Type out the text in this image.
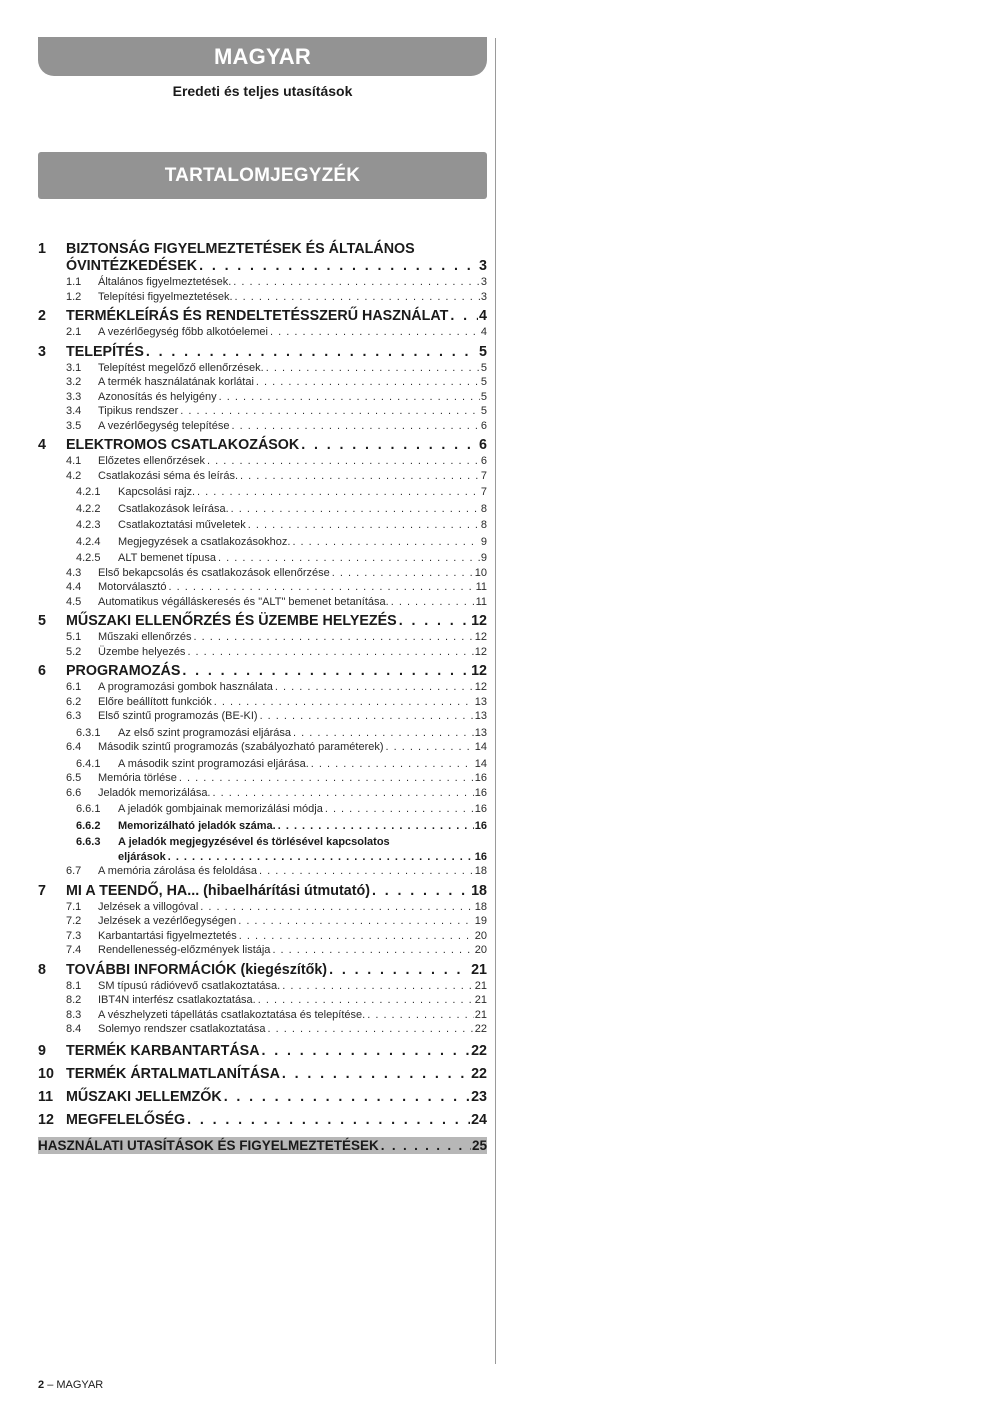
MAGYAR
Eredeti és teljes utasítások
TARTALOMJEGYZÉK
1	BIZTONSÁG FIGYELMEZTETÉSEK ÉS ÁLTALÁNOS
ÓVINTÉZKEDÉSEK . . .	3
1.1	Általános figyelmeztetések. . . .	3
1.2	Telepítési figyelmeztetések. . . .	3
2	TERMÉKLEÍRÁS ÉS RENDELTETÉSSZERŰ HASZNÁLAT . . . 4
2.1	A vezérlőegység főbb alkotóelemei . . .	4
3	TELEPÍTÉS . . .	5
3.1	Telepítést megelőző ellenőrzések. . . .	5
3.2	A termék használatának korlátai . . .	5
3.3	Azonosítás és helyigény . . .	5
3.4	Tipikus rendszer . . .	5
3.5	A vezérlőegység telepítése . . .	6
4	ELEKTROMOS CSATLAKOZÁSOK . . .	6
4.1	Előzetes ellenőrzések . . .	6
4.2	Csatlakozási séma és leírás. . . .	7
4.2.1	Kapcsolási rajz. . . .	7
4.2.2	Csatlakozások leírása. . . .	8
4.2.3	Csatlakoztatási műveletek . . .	8
4.2.4	Megjegyzések a csatlakozásokhoz. . . .	9
4.2.5	ALT bemenet típusa . . .	9
4.3	Első bekapcsolás és csatlakozások ellenőrzése . . .	10
4.4	Motorválasztó . . .	11
4.5	Automatikus végálláskeresés és "ALT" bemenet betanítása. . . .	11
5	MŰSZAKI ELLENŐRZÉS ÉS ÜZEMBE HELYEZÉS . . .	12
5.1	Műszaki ellenőrzés . . .	12
5.2	Üzembe helyezés . . .	12
6	PROGRAMOZÁS . . .	12
6.1	A programozási gombok használata . . .	12
6.2	Előre beállított funkciók . . .	13
6.3	Első szintű programozás (BE-KI) . . .	13
6.3.1	Az első szint programozási eljárása . . .	13
6.4	Második szintű programozás (szabályozható paraméterek) . . .	14
6.4.1	A második szint programozási eljárása. . . .	14
6.5	Memória törlése . . .	16
6.6	Jeladók memorizálása. . . .	16
6.6.1	A jeladók gombjainak memorizálási módja . . .	16
6.6.2	Memorizálható jeladók száma. . . .	16
6.6.3	A jeladók megjegyzésével és törlésével kapcsolatos
eljárások . . .	16
6.7	A memória zárolása és feloldása . . .	18
7	MI A TEENDŐ, HA... (hibaelhárítási útmutató) . . .	18
7.1	Jelzések a villogóval . . .	18
7.2	Jelzések a vezérlőegységen . . .	19
7.3	Karbantartási figyelmeztetés . . .	20
7.4	Rendellenesség-előzmények listája . . .	20
8	TOVÁBBI INFORMÁCIÓK (kiegészítők) . . .	21
8.1	SM típusú rádióvevő csatlakoztatása. . . .	21
8.2	IBT4N interfész csatlakoztatása. . . .	21
8.3	A vészhelyzeti tápellátás csatlakoztatása és telepítése. . . .	21
8.4	Solemyo rendszer csatlakoztatása . . .	22
9	TERMÉK KARBANTARTÁSA . . .	22
10 TERMÉK ÁRTALMATLANÍTÁSA . . .	22
11 MŰSZAKI JELLEMZŐK . . .	23
12 MEGFELELŐSÉG . . .	24
HASZNÁLATI UTASÍTÁSOK ÉS FIGYELMEZTETÉSEK . . .	25
2 – MAGYAR
